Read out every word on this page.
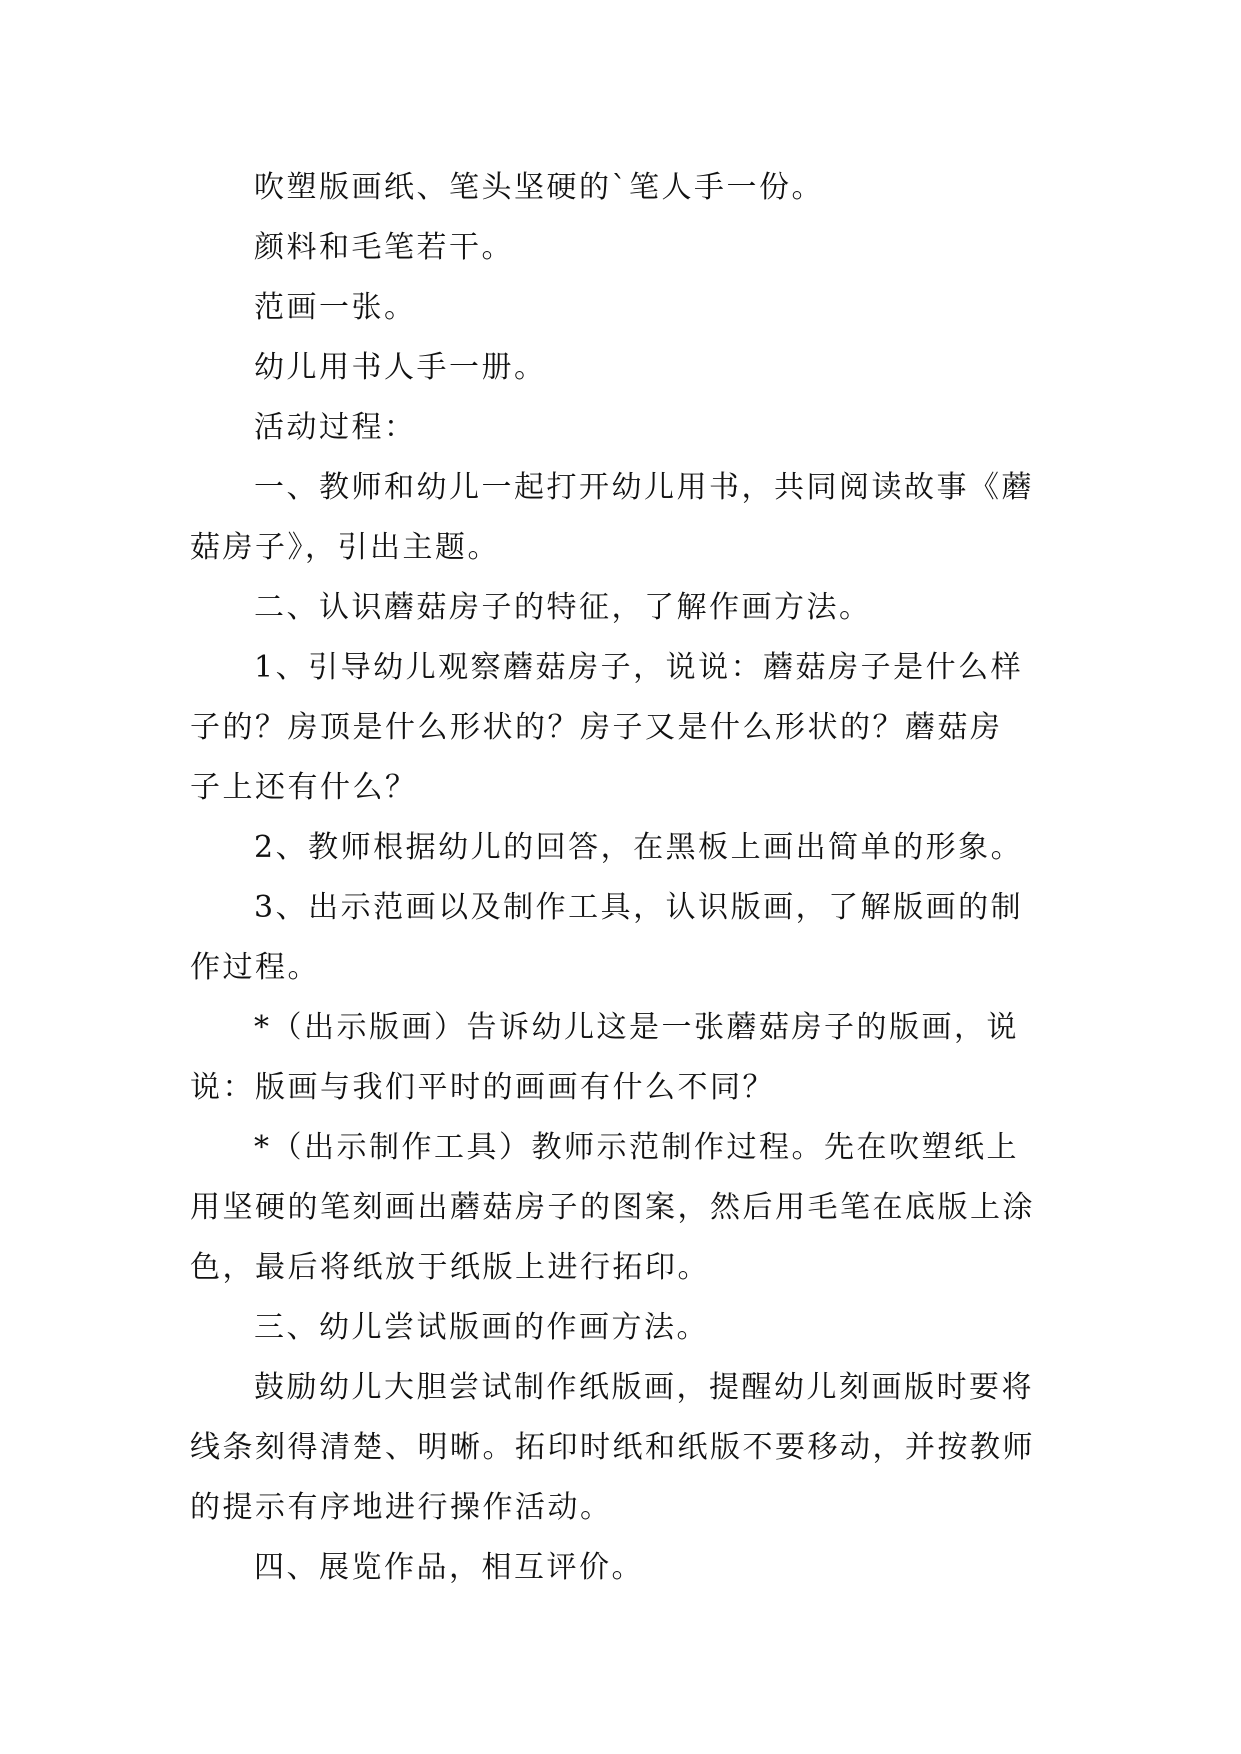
吹塑版画纸、笔头坚硬的`笔人手一份。

颜料和毛笔若干。

范画一张。

幼儿用书人手一册。

活动过程：

一、教师和幼儿一起打开幼儿用书，共同阅读故事《蘑
菇房子》，引出主题。

二、认识蘑菇房子的特征，了解作画方法。

1、引导幼儿观察蘑菇房子，说说：蘑菇房子是什么样
子的？房顶是什么形状的？房子又是什么形状的？蘑菇房
子上还有什么？

2、教师根据幼儿的回答，在黑板上画出简单的形象。

3、出示范画以及制作工具，认识版画，了解版画的制
作过程。

*（出示版画）告诉幼儿这是一张蘑菇房子的版画，说
说：版画与我们平时的画画有什么不同？

*（出示制作工具）教师示范制作过程。先在吹塑纸上
用坚硬的笔刻画出蘑菇房子的图案，然后用毛笔在底版上涂
色，最后将纸放于纸版上进行拓印。

三、幼儿尝试版画的作画方法。

鼓励幼儿大胆尝试制作纸版画，提醒幼儿刻画版时要将
线条刻得清楚、明晰。拓印时纸和纸版不要移动，并按教师
的提示有序地进行操作活动。

四、展览作品，相互评价。
